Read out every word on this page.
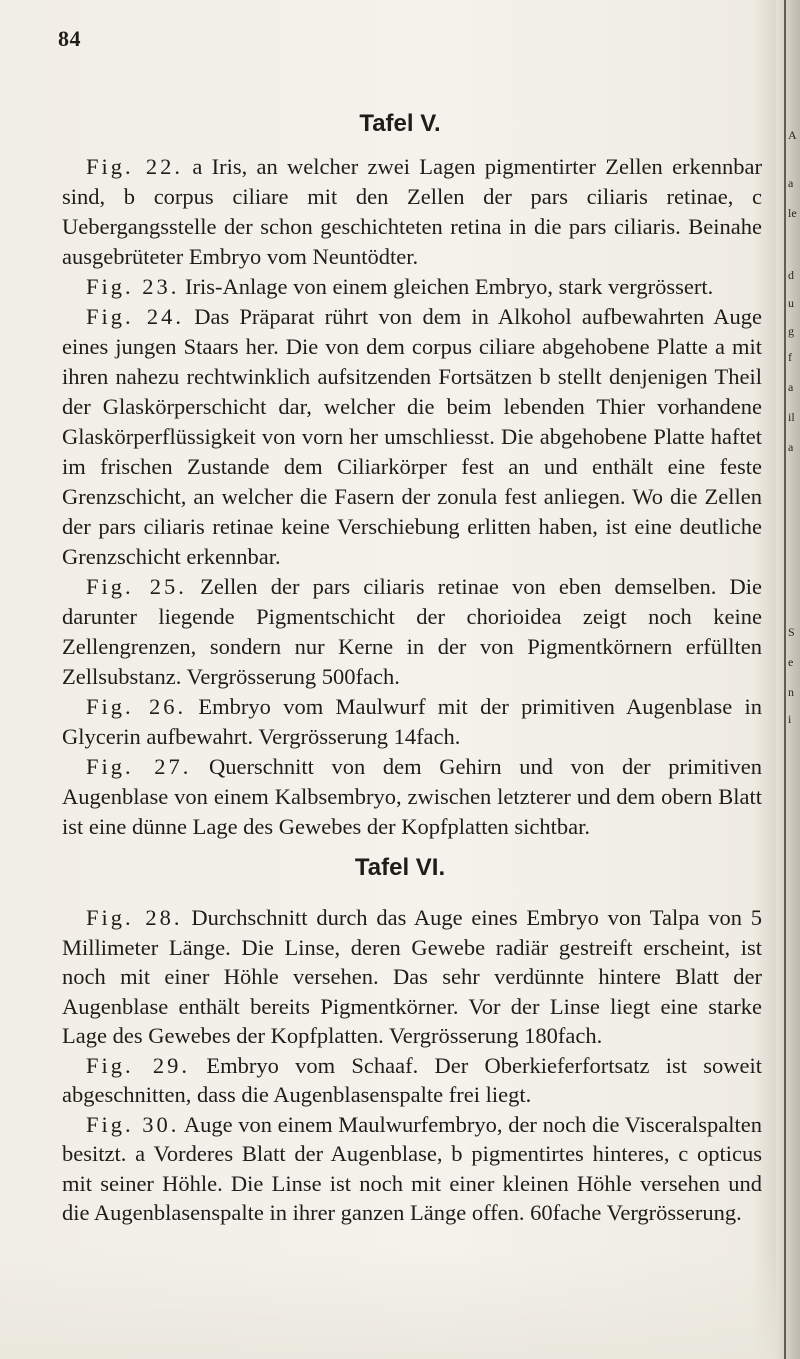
A
a
le
d
u
g
f
a
il
a
S
e
n
i
84
Tafel V.

Fig. 22. a Iris, an welcher zwei Lagen pigmentirter Zellen erkennbar sind, b corpus ciliare mit den Zellen der pars ciliaris retinae, c Uebergangsstelle der schon geschichteten retina in die pars ciliaris. Beinahe ausgebrüteter Embryo vom Neuntödter.

Fig. 23. Iris-Anlage von einem gleichen Embryo, stark vergrössert.

Fig. 24. Das Präparat rührt von dem in Alkohol aufbewahrten Auge eines jungen Staars her. Die von dem corpus ciliare abgehobene Platte a mit ihren nahezu rechtwinklich aufsitzenden Fortsätzen b stellt denjenigen Theil der Glaskörperschicht dar, welcher die beim lebenden Thier vorhandene Glaskörperflüssigkeit von vorn her umschliesst. Die abgehobene Platte haftet im frischen Zustande dem Ciliarkörper fest an und enthält eine feste Grenzschicht, an welcher die Fasern der zonula fest anliegen. Wo die Zellen der pars ciliaris retinae keine Verschiebung erlitten haben, ist eine deutliche Grenzschicht erkennbar.

Fig. 25. Zellen der pars ciliaris retinae von eben demselben. Die darunter liegende Pigmentschicht der chorioidea zeigt noch keine Zellengrenzen, sondern nur Kerne in der von Pigmentkörnern erfüllten Zellsubstanz. Vergrösserung 500fach.

Fig. 26. Embryo vom Maulwurf mit der primitiven Augenblase in Glycerin aufbewahrt. Vergrösserung 14fach.

Fig. 27. Querschnitt von dem Gehirn und von der primitiven Augenblase von einem Kalbsembryo, zwischen letzterer und dem obern Blatt ist eine dünne Lage des Gewebes der Kopfplatten sichtbar.

Tafel VI.

Fig. 28. Durchschnitt durch das Auge eines Embryo von Talpa von 5 Millimeter Länge. Die Linse, deren Gewebe radiär gestreift erscheint, ist noch mit einer Höhle versehen. Das sehr verdünnte hintere Blatt der Augenblase enthält bereits Pigmentkörner. Vor der Linse liegt eine starke Lage des Gewebes der Kopfplatten. Vergrösserung 180fach.

Fig. 29. Embryo vom Schaaf. Der Oberkieferfortsatz ist soweit abgeschnitten, dass die Augenblasenspalte frei liegt.

Fig. 30. Auge von einem Maulwurfembryo, der noch die Visceralspalten besitzt. a Vorderes Blatt der Augenblase, b pigmentirtes hinteres, c opticus mit seiner Höhle. Die Linse ist noch mit einer kleinen Höhle versehen und die Augenblasenspalte in ihrer ganzen Länge offen. 60fache Vergrösserung.
